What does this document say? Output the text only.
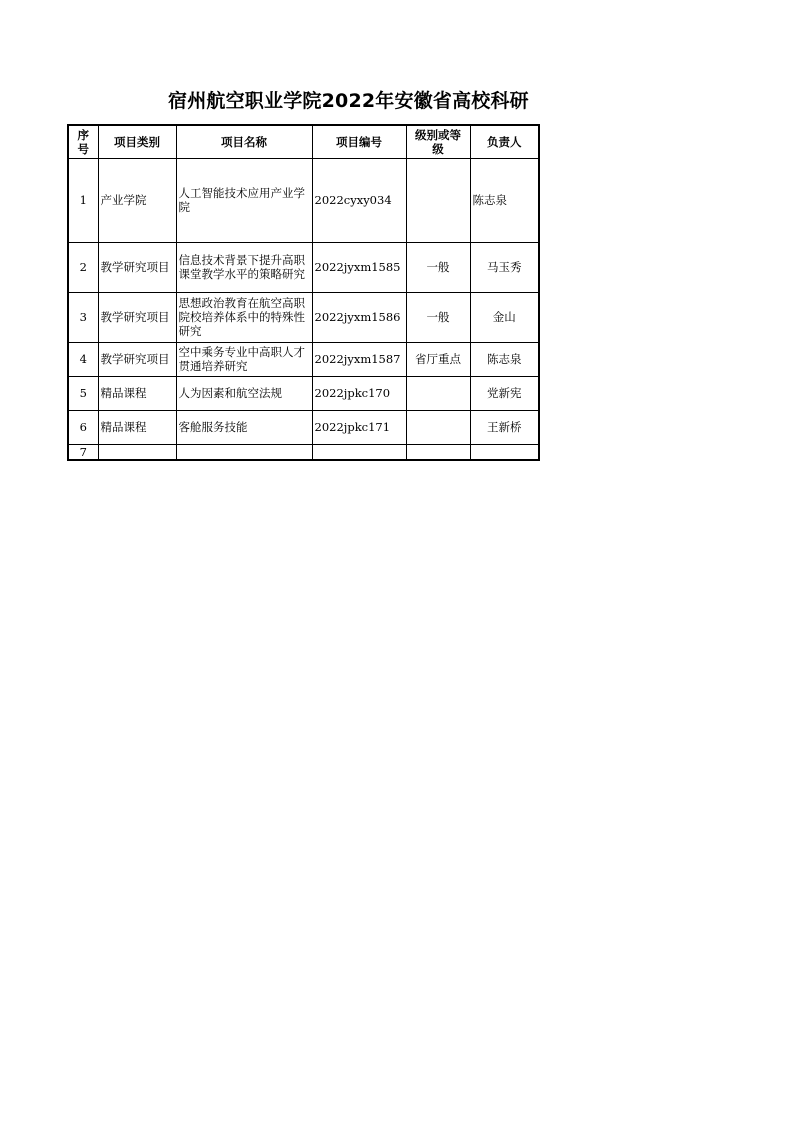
宿州航空职业学院2022年安徽省高校科研
序号	项目类别	项目名称	项目编号	级别或等级	负责人
1	产业学院	人工智能技术应用产业学院	2022cyxy034		陈志泉
2	教学研究项目	信息技术背景下提升高职课堂教学水平的策略研究	2022jyxm1585	一般	马玉秀
3	教学研究项目	思想政治教育在航空高职院校培养体系中的特殊性研究	2022jyxm1586	一般	金山
4	教学研究项目	空中乘务专业中高职人才贯通培养研究	2022jyxm1587	省厅重点	陈志泉
5	精品课程	人为因素和航空法规	2022jpkc170		党新宪
6	精品课程	客舱服务技能	2022jpkc171		王新桥
7					
